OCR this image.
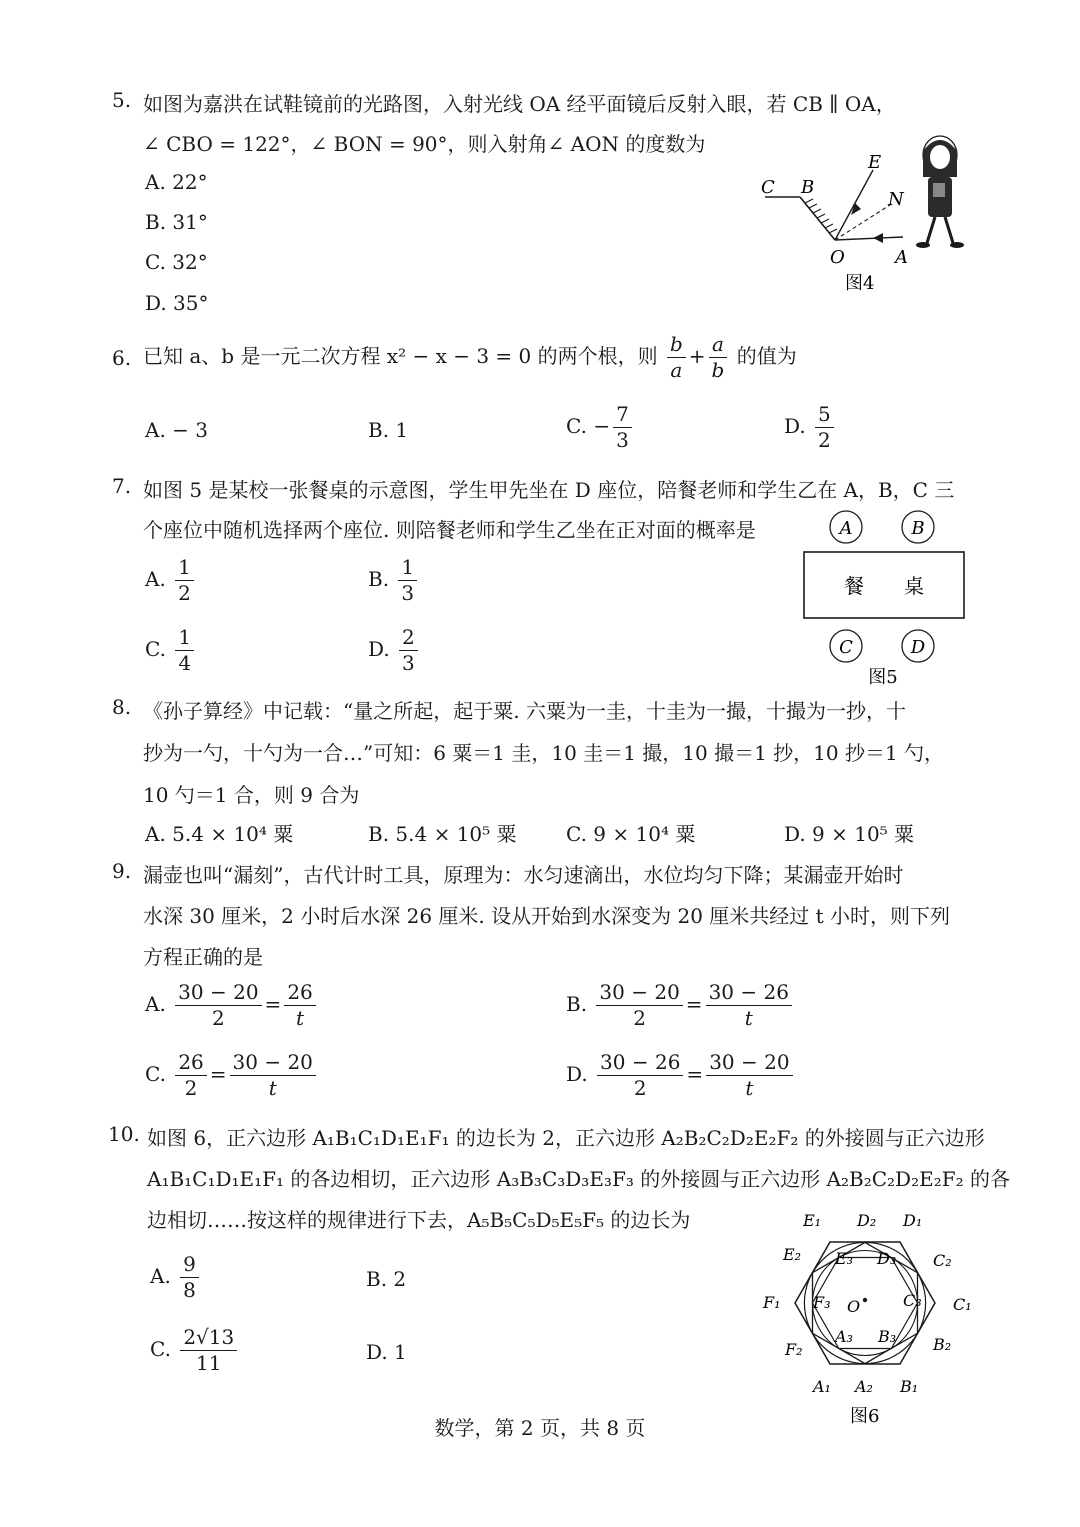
5. 如图为嘉洪在试鞋镜前的光路图，入射光线 OA 经平面镜后反射入眼，若 CB ∥ OA，
∠ CBO = 122°，∠ BON = 90°，则入射角∠ AON 的度数为
A. 22°
B. 31°
C. 32°
D. 35°
C B
E
N
O	A
图4
6. 已知 a、b 是一元二次方程 x² − x − 3 = 0 的两个根，则 $\frac{b}{a} + \frac{a}{b}$ 的值为
A. − 3	B. 1	C. − $\frac{7}{3}$	D. $\frac{5}{2}$
7. 如图 5 是某校一张餐桌的示意图，学生甲先坐在 D 座位，陪餐老师和学生乙在 A，B，C 三
个座位中随机选择两个座位. 则陪餐老师和学生乙坐在正对面的概率是
A. $\frac{1}{2}$	B. $\frac{1}{3}$
C. $\frac{1}{4}$	D. $\frac{2}{3}$
A	B
餐　　桌
C	D
图5
8. 《孙子算经》中记载：“量之所起，起于粟. 六粟为一圭，十圭为一撮，十撮为一抄，十
抄为一勺，十勺为一合…”可知：6 粟＝1 圭，10 圭＝1 撮，10 撮＝1 抄，10 抄＝1 勺，
10 勺＝1 合，则 9 合为
A. 5.4 × 10⁴ 粟	B. 5.4 × 10⁵ 粟 C. 9 × 10⁴ 粟	D. 9 × 10⁵ 粟
9. 漏壶也叫“漏刻”，古代计时工具，原理为：水匀速滴出，水位均匀下降；某漏壶开始时
水深 30 厘米，2 小时后水深 26 厘米. 设从开始到水深变为 20 厘米共经过 t 小时，则下列
方程正确的是
A. $\frac{30 - 20}{2} = \frac{26}{t}$	B. $\frac{30 - 20}{2} = \frac{30 - 26}{t}$
C. $\frac{26}{2} = \frac{30 - 20}{t}$	D. $\frac{30 - 26}{2} = \frac{30 - 20}{t}$
10. 如图 6，正六边形 A₁B₁C₁D₁E₁F₁ 的边长为 2，正六边形 A₂B₂C₂D₂E₂F₂ 的外接圆与正六边形
A₁B₁C₁D₁E₁F₁ 的各边相切，正六边形 A₃B₃C₃D₃E₃F₃ 的外接圆与正六边形 A₂B₂C₂D₂E₂F₂ 的各
边相切……按这样的规律进行下去，A₅B₅C₅D₅E₅F₅ 的边长为
A. $\frac{9}{8}$	B. 2
C. $\frac{2√13}{11}$	D. 1
E₁ D₂ D₁
E₂ E₃ D₃ C₂
F₁ F₃ O	C₃ C₁
A₃ B₃
F₂	B₂
A₁ A₂ B₁
图6
数学，第 2 页，共 8 页
